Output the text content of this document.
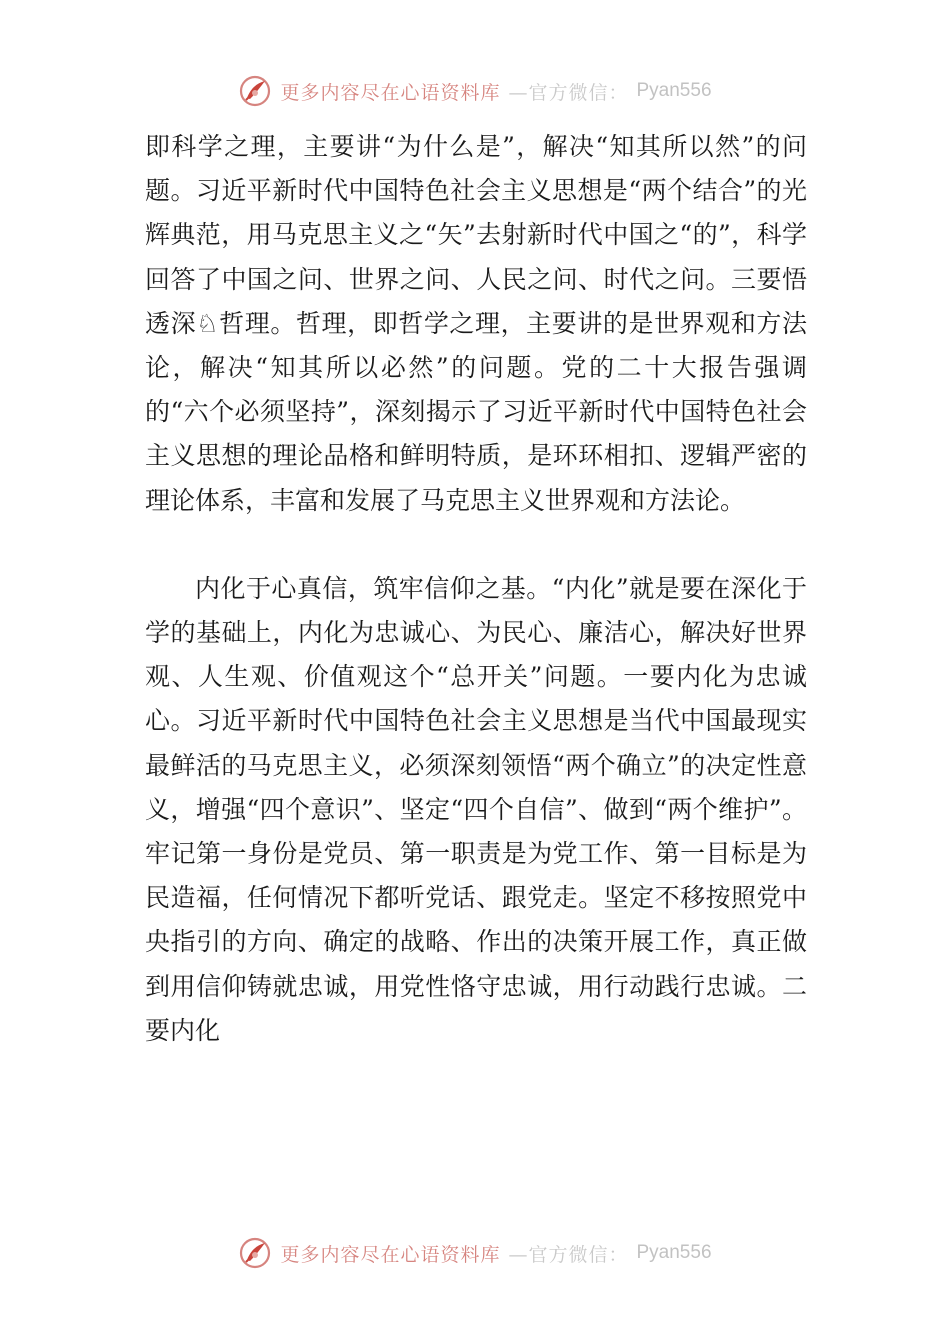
更多内容尽在心语资料库 —官方微信： Pyan556

即科学之理，主要讲“为什么是”，解决“知其所以然”的问题。习近平新时代中国特色社会主义思想是“两个结合”的光辉典范，用马克思主义之“矢”去射新时代中国之“的”，科学回答了中国之问、世界之问、人民之问、时代之问。三要悟透深♘哲理。哲理，即哲学之理，主要讲的是世界观和方法论，解决“知其所以必然”的问题。党的二十大报告强调的“六个必须坚持”，深刻揭示了习近平新时代中国特色社会主义思想的理论品格和鲜明特质，是环环相扣、逻辑严密的理论体系，丰富和发展了马克思主义世界观和方法论。

内化于心真信，筑牢信仰之基。“内化”就是要在深化于学的基础上，内化为忠诚心、为民心、廉洁心，解决好世界观、人生观、价值观这个“总开关”问题。一要内化为忠诚心。习近平新时代中国特色社会主义思想是当代中国最现实最鲜活的马克思主义，必须深刻领悟“两个确立”的决定性意义，增强“四个意识”、坚定“四个自信”、做到“两个维护”。牢记第一身份是党员、第一职责是为党工作、第一目标是为民造福，任何情况下都听党话、跟党走。坚定不移按照党中央指引的方向、确定的战略、作出的决策开展工作，真正做到用信仰铸就忠诚，用党性恪守忠诚，用行动践行忠诚。二要内化

更多内容尽在心语资料库 —官方微信： Pyan556
